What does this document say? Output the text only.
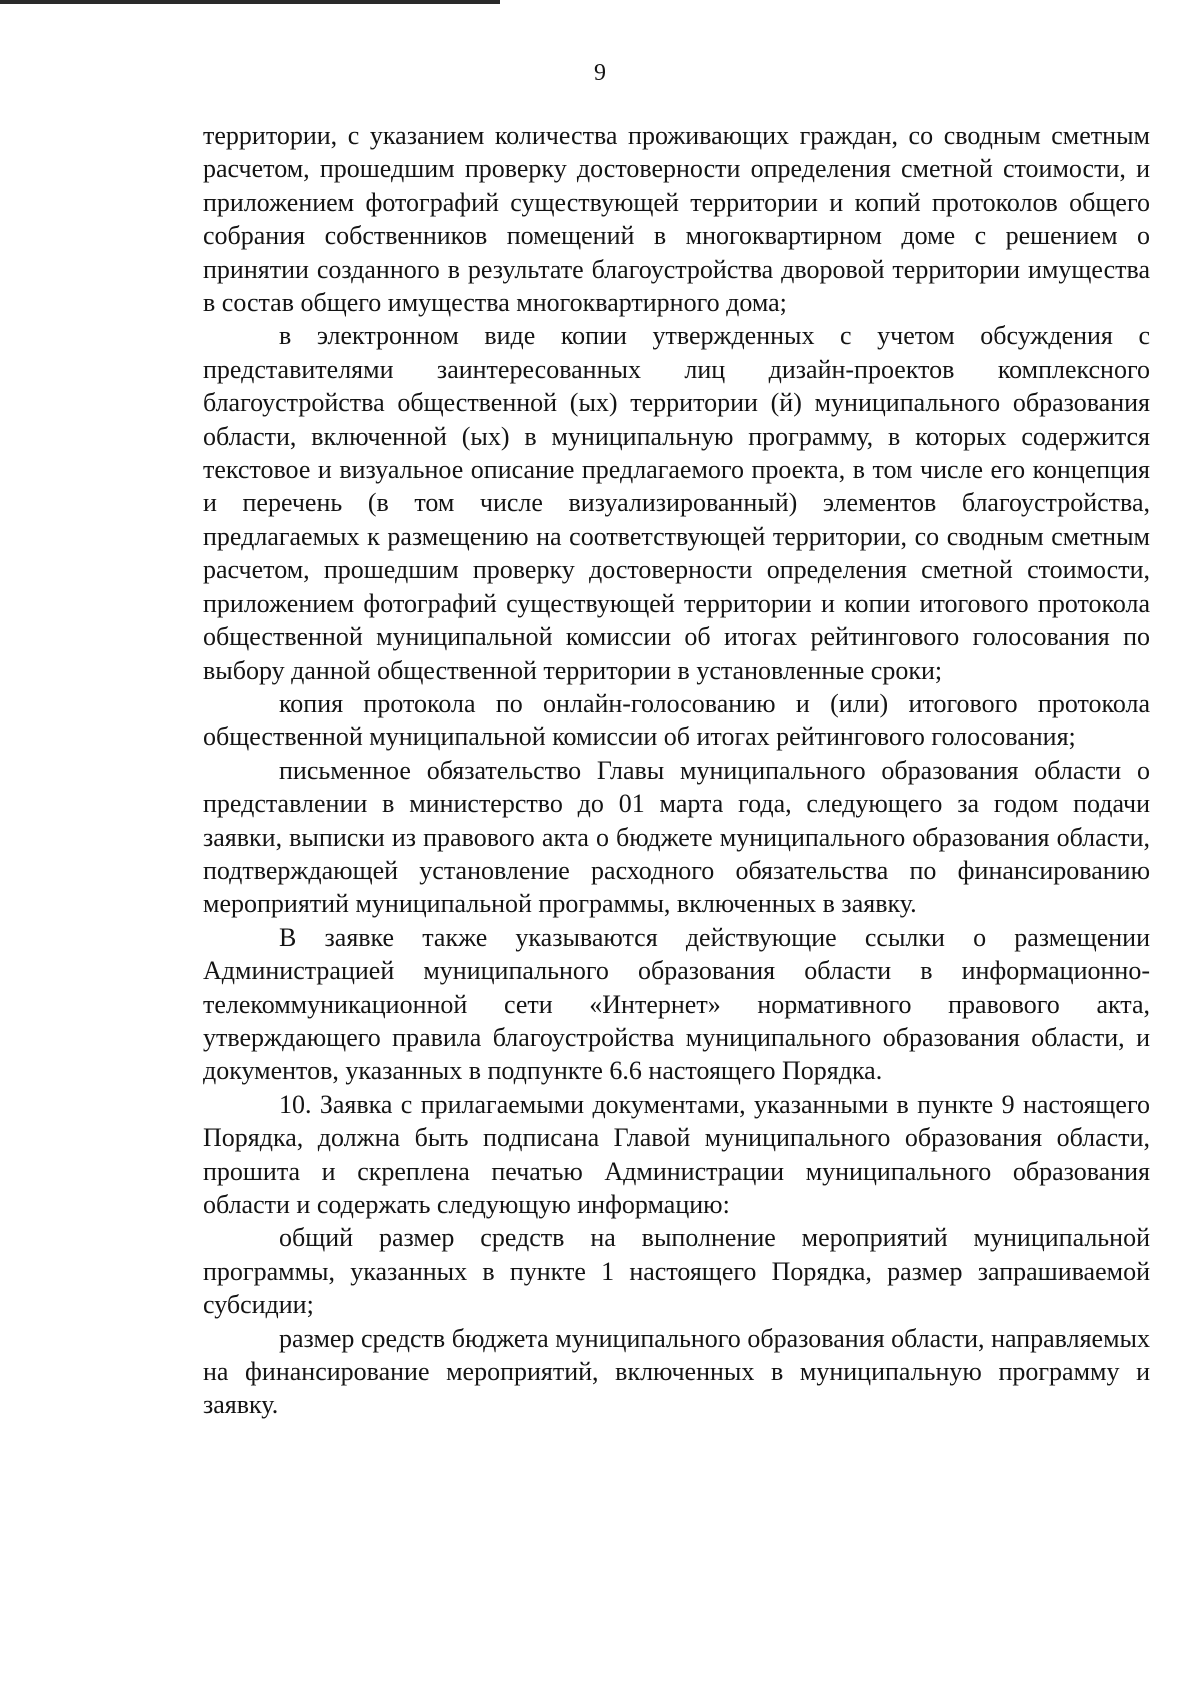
9

территории, с указанием количества проживающих граждан, со сводным сметным расчетом, прошедшим проверку достоверности определения сметной стоимости, и приложением фотографий существующей территории и копий протоколов общего собрания собственников помещений в многоквартирном доме с решением о принятии созданного в результате благоустройства дворовой территории имущества в состав общего имущества многоквартирного дома;

в электронном виде копии утвержденных с учетом обсуждения с представителями заинтересованных лиц дизайн-проектов комплексного благоустройства общественной (ых) территории (й) муниципального образования области, включенной (ых) в муниципальную программу, в которых содержится текстовое и визуальное описание предлагаемого проекта, в том числе его концепция и перечень (в том числе визуализированный) элементов благоустройства, предлагаемых к размещению на соответствующей территории, со сводным сметным расчетом, прошедшим проверку достоверности определения сметной стоимости, приложением фотографий существующей территории и копии итогового протокола общественной муниципальной комиссии об итогах рейтингового голосования по выбору данной общественной территории в установленные сроки;

копия протокола по онлайн-голосованию и (или) итогового протокола общественной муниципальной комиссии об итогах рейтингового голосования;

письменное обязательство Главы муниципального образования области о представлении в министерство до 01 марта года, следующего за годом подачи заявки, выписки из правового акта о бюджете муниципального образования области, подтверждающей установление расходного обязательства по финансированию мероприятий муниципальной программы, включенных в заявку.

В заявке также указываются действующие ссылки о размещении Администрацией муниципального образования области в информационно-телекоммуникационной сети «Интернет» нормативного правового акта, утверждающего правила благоустройства муниципального образования области, и документов, указанных в подпункте 6.6 настоящего Порядка.

10. Заявка с прилагаемыми документами, указанными в пункте 9 настоящего Порядка, должна быть подписана Главой муниципального образования области, прошита и скреплена печатью Администрации муниципального образования области и содержать следующую информацию:

общий размер средств на выполнение мероприятий муниципальной программы, указанных в пункте 1 настоящего Порядка, размер запрашиваемой субсидии;

размер средств бюджета муниципального образования области, направляемых на финансирование мероприятий, включенных в муниципальную программу и заявку.
